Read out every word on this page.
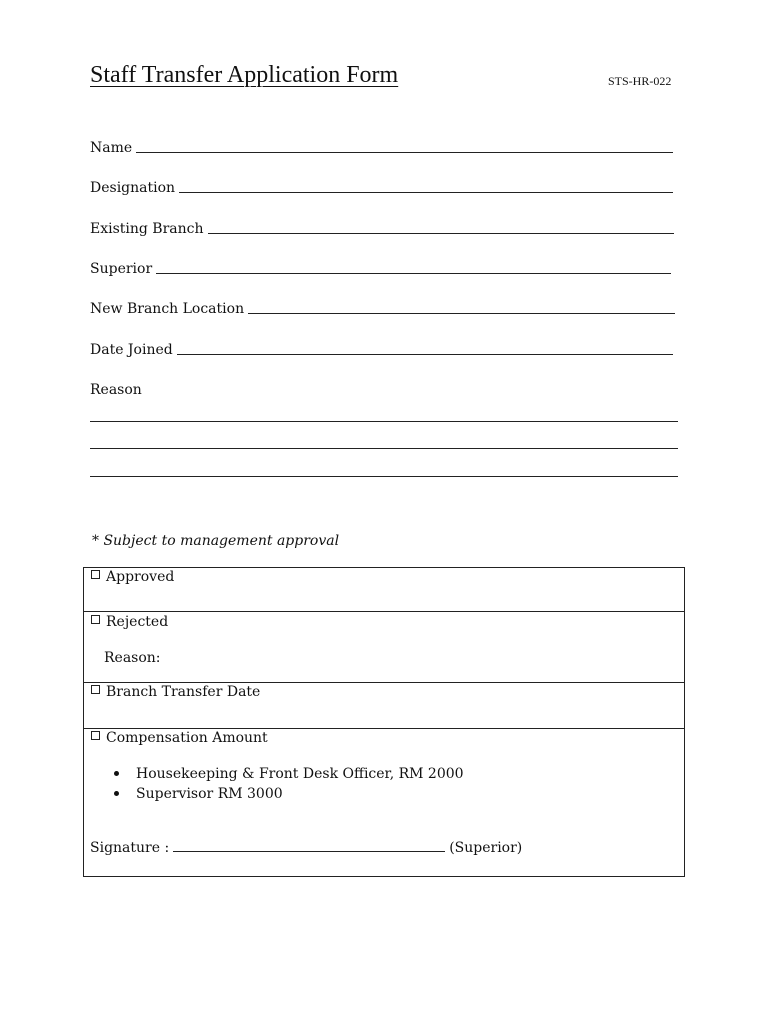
Staff Transfer Application Form	STS-HR-022
Name
Designation
Existing Branch
Superior
New Branch Location
Date Joined
Reason
* Subject to management approval
Approved
Rejected
Reason:
Branch Transfer Date
Compensation Amount
Housekeeping & Front Desk Officer, RM 2000
Supervisor RM 3000
Signature :	(Superior)
